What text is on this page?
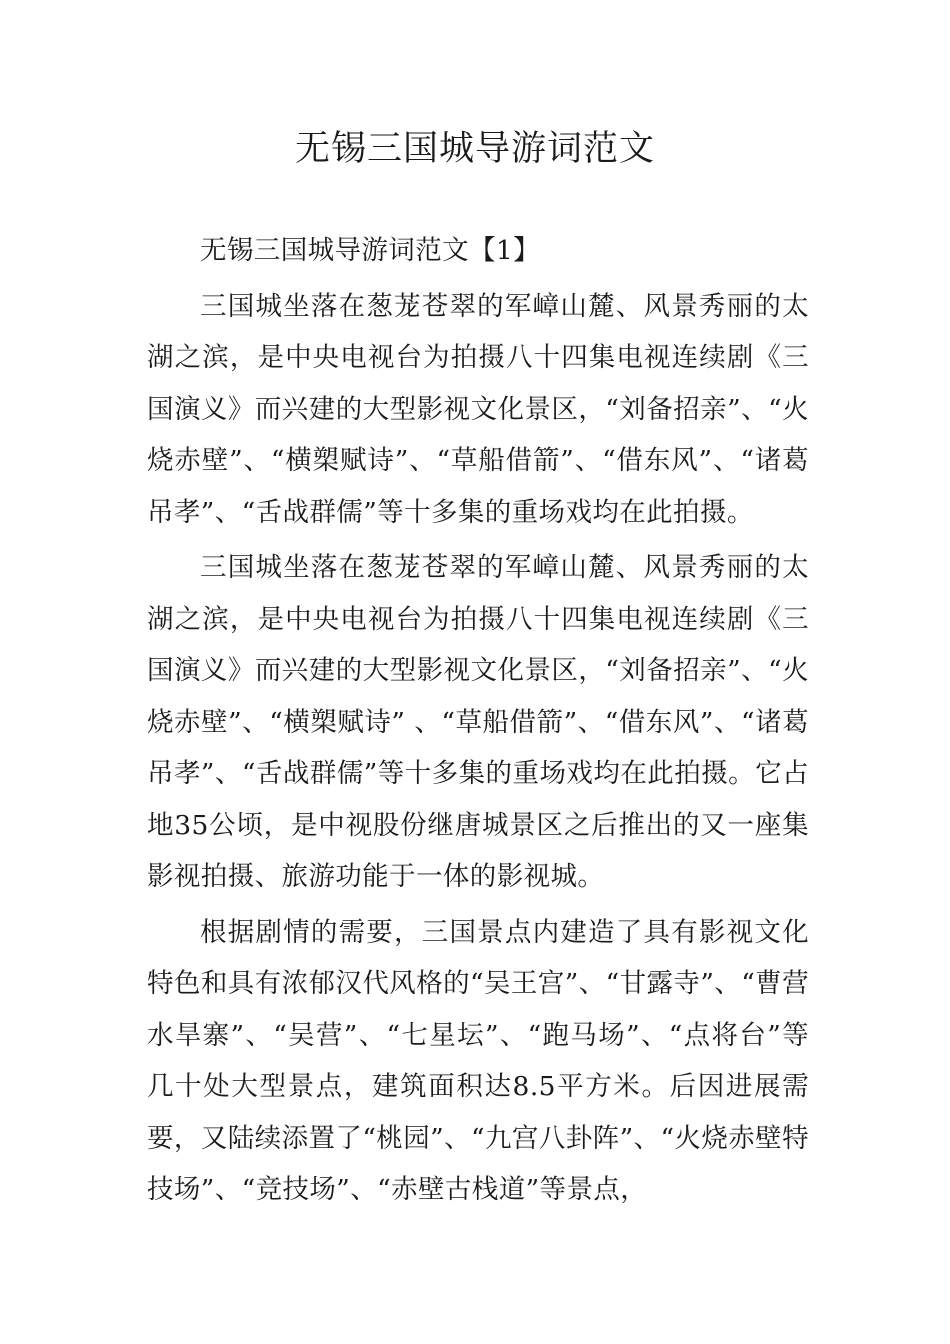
无锡三国城导游词范文

无锡三国城导游词范文【1】

三国城坐落在葱茏苍翠的军嶂山麓、风景秀丽的太湖之滨，是中央电视台为拍摄八十四集电视连续剧《三国演义》而兴建的大型影视文化景区，“刘备招亲”、“火烧赤壁”、“横槊赋诗”、“草船借箭”、“借东风”、“诸葛吊孝”、“舌战群儒”等十多集的重场戏均在此拍摄。

三国城坐落在葱茏苍翠的军嶂山麓、风景秀丽的太湖之滨，是中央电视台为拍摄八十四集电视连续剧《三国演义》而兴建的大型影视文化景区，“刘备招亲”、“火烧赤壁”、“横槊赋诗” 、“草船借箭”、“借东风”、“诸葛吊孝”、“舌战群儒”等十多集的重场戏均在此拍摄。它占地35公顷，是中视股份继唐城景区之后推出的又一座集影视拍摄、旅游功能于一体的影视城。

根据剧情的需要，三国景点内建造了具有影视文化特色和具有浓郁汉代风格的“吴王宫”、“甘露寺”、“曹营水旱寨”、“吴营”、“七星坛”、“跑马场”、“点将台”等几十处大型景点，建筑面积达8.5平方米。后因进展需要，又陆续添置了“桃园”、“九宫八卦阵”、“火烧赤壁特技场”、“竞技场”、“赤壁古栈道”等景点，
